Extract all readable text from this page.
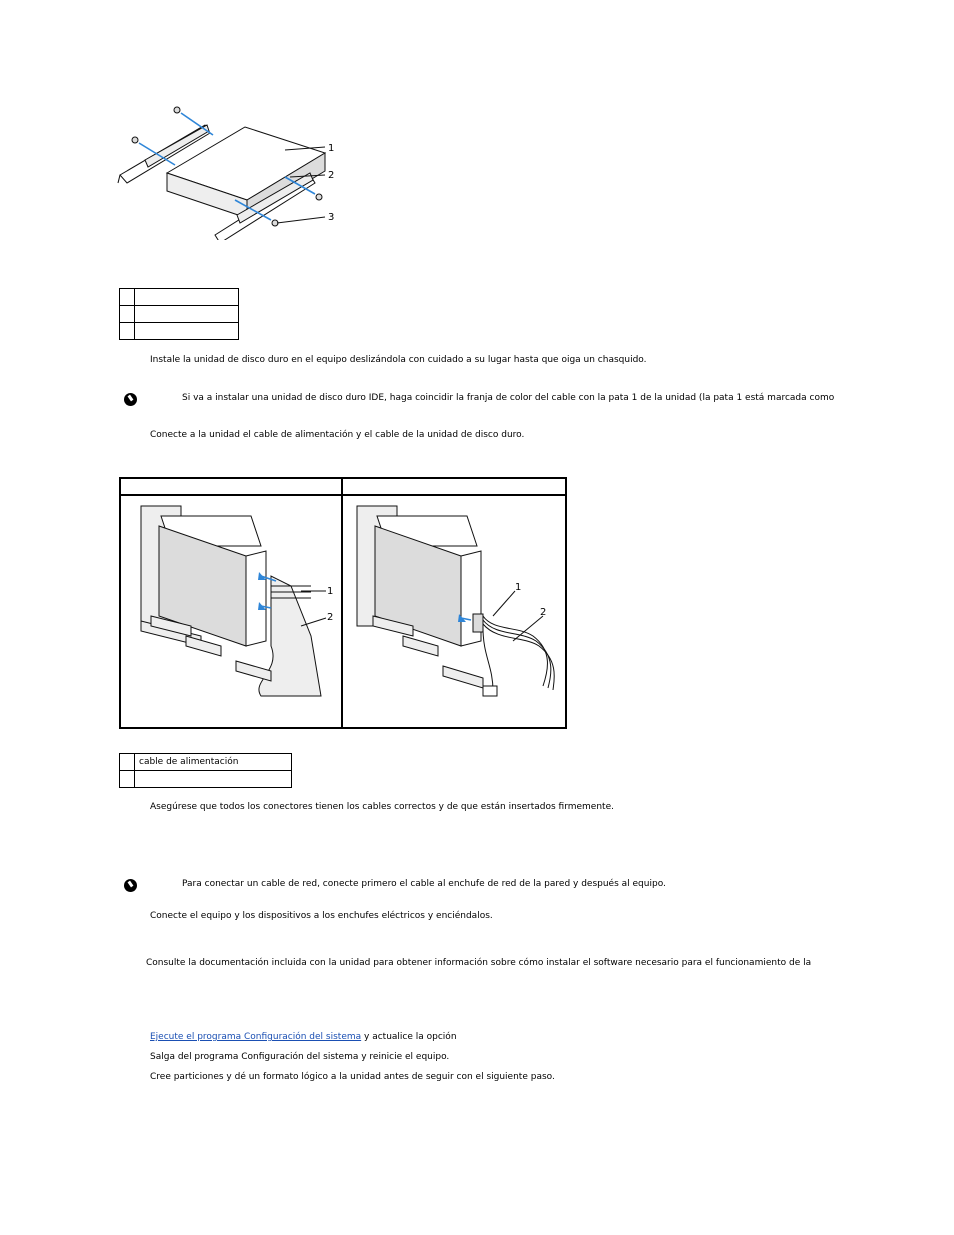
1
2
3

Instale la unidad de disco duro en el equipo deslizándola con cuidado a su lugar hasta que oiga un chasquido.
Si va a instalar una unidad de disco duro IDE, haga coincidir la franja de color del cable con la pata 1 de la unidad (la pata 1 está marcada como
Conecte a la unidad el cable de alimentación y el cable de la unidad de disco duro.
1
2
1
2
	cable de alimentación

Asegúrese que todos los conectores tienen los cables correctos y de que están insertados firmemente.
Para conectar un cable de red, conecte primero el cable al enchufe de red de la pared y después al equipo.
Conecte el equipo y los dispositivos a los enchufes eléctricos y enciéndalos.
Consulte la documentación incluida con la unidad para obtener información sobre cómo instalar el software necesario para el funcionamiento de la
Ejecute el programa Configuración del sistema y actualice la opción
Salga del programa Configuración del sistema y reinicie el equipo.
Cree particiones y dé un formato lógico a la unidad antes de seguir con el siguiente paso.
